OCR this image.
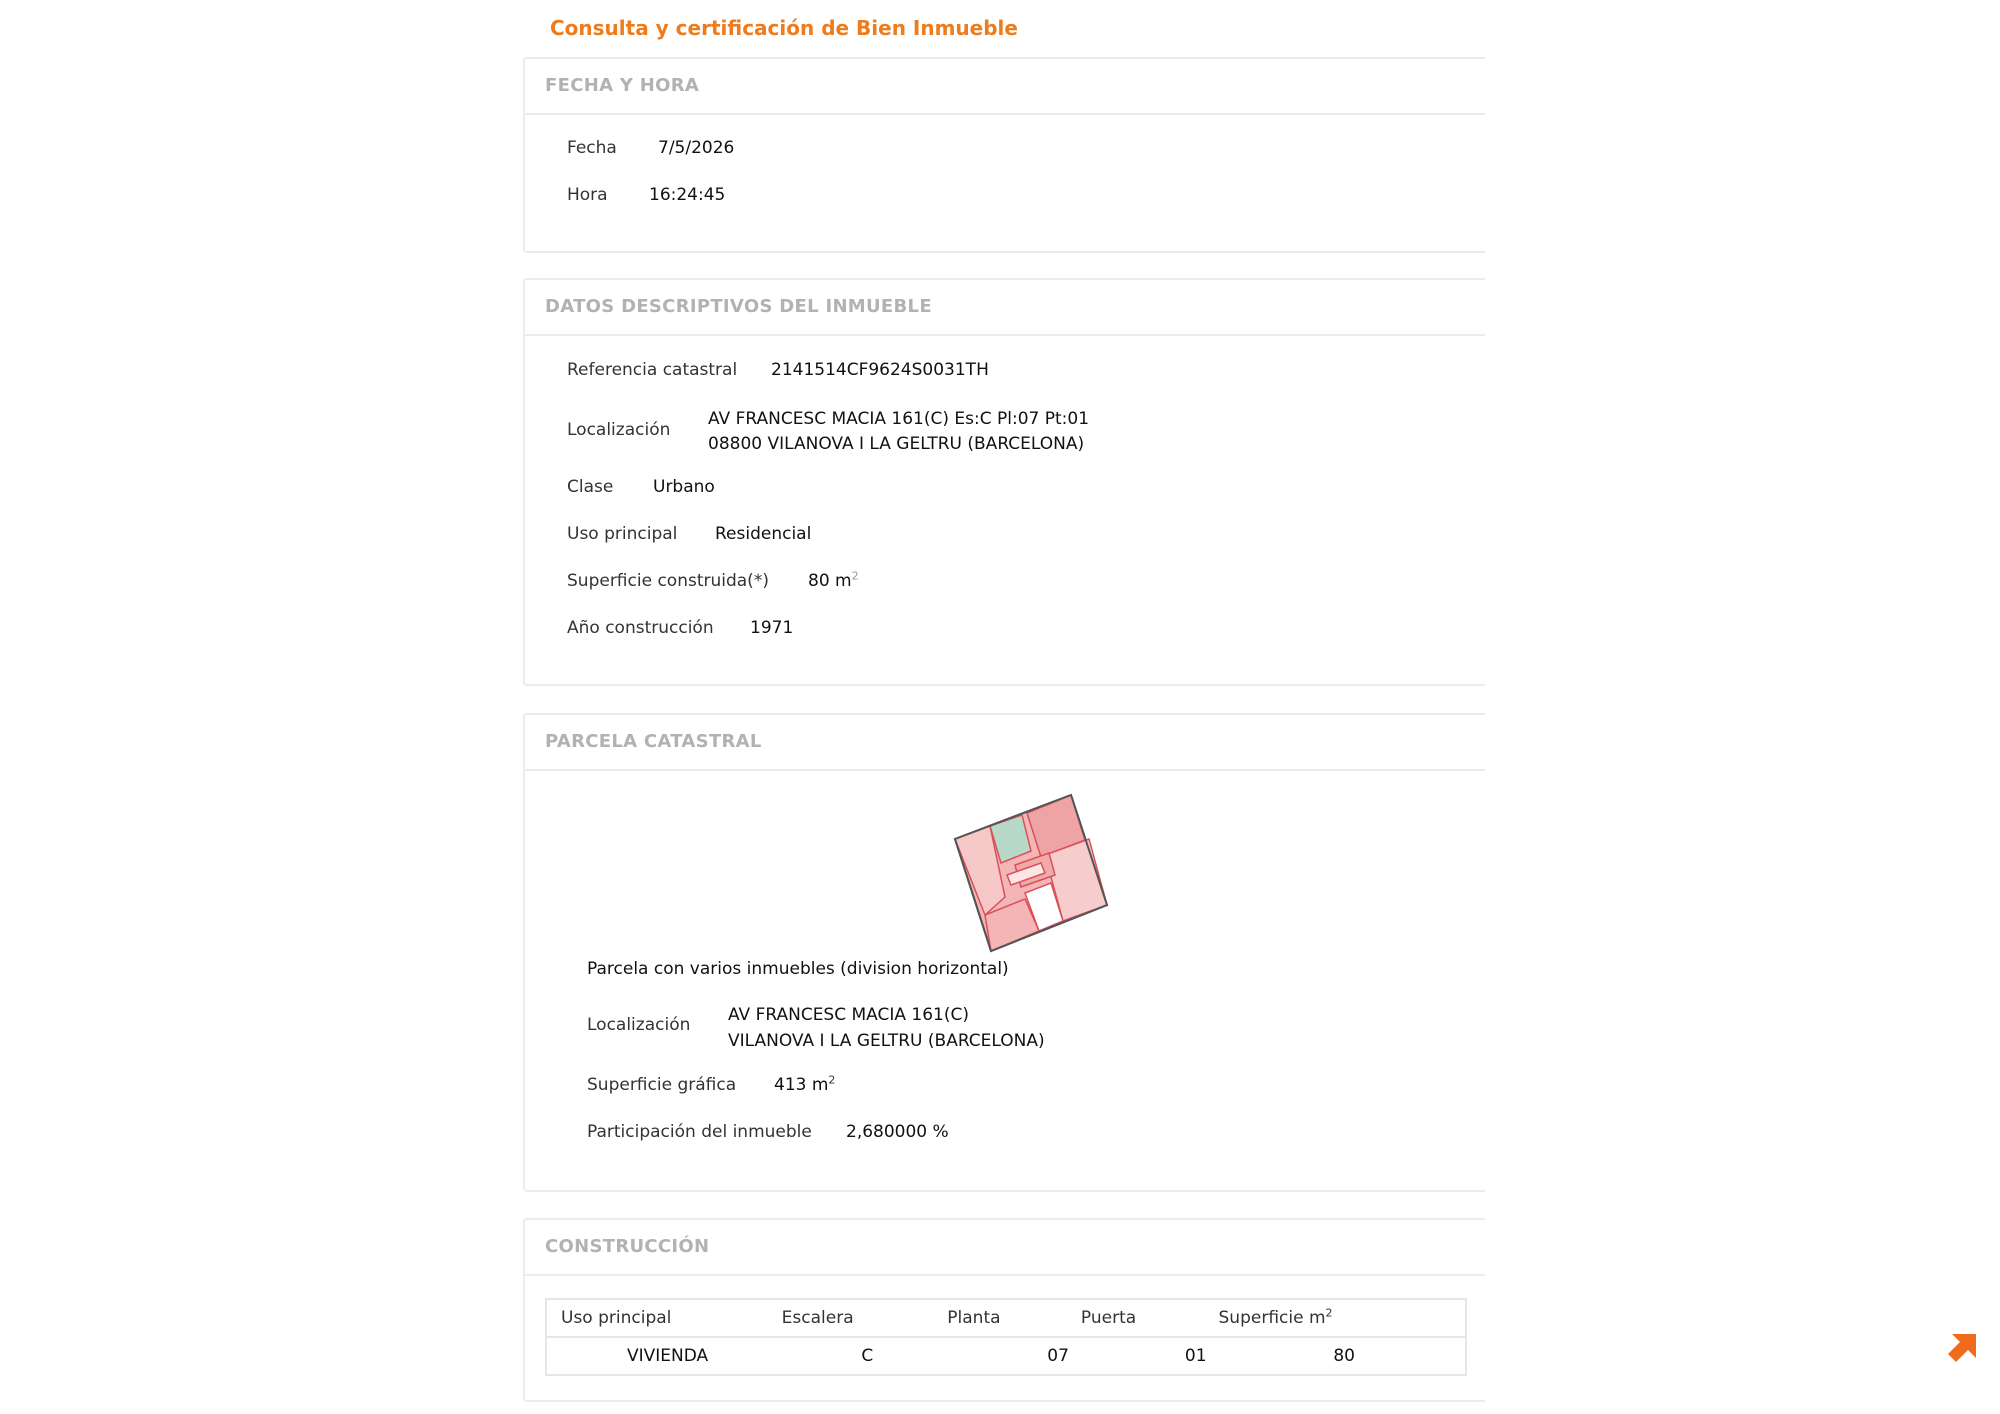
Consulta y certificación de Bien Inmueble
FECHA Y HORA
Fecha 7/5/2026
Hora 16:24:45
DATOS DESCRIPTIVOS DEL INMUEBLE
Referencia catastral 2141514CF9624S0031TH
Localización
AV FRANCESC MACIA 161(C) Es:C Pl:07 Pt:01
08800 VILANOVA I LA GELTRU (BARCELONA)
Clase Urbano
Uso principal Residencial
Superficie construida(*) 80 $m^2$
Año construcción 1971
PARCELA CATASTRAL
Parcela con varios inmuebles (division horizontal)
Localización AV FRANCESC MACIA 161(C)
VILANOVA I LA GELTRU (BARCELONA)
Superficie gráfica 413 $m^2$
Participación del inmueble 2,680000 %
CONSTRUCCIÓN
Uso principal	Escalera	Planta	Puerta	Superficie $m^2$
VIVIENDA	C	07	01	80
